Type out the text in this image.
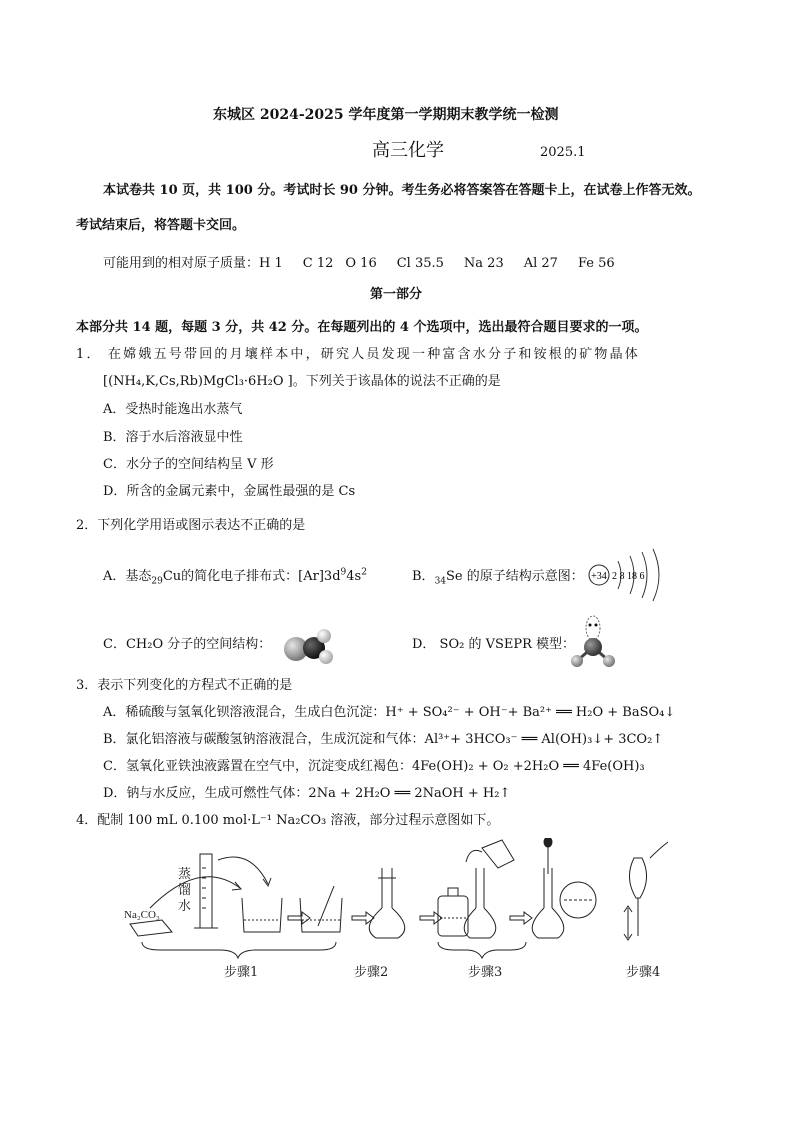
东城区 2024-2025 学年度第一学期期末教学统一检测
高三化学	2025.1
本试卷共 10 页，共 100 分。考试时长 90 分钟。考生务必将答案答在答题卡上，在试卷上作答无效。
考试结束后，将答题卡交回。
可能用到的相对原子质量：H 1 C 12 O 16 Cl 35.5 Na 23 Al 27 Fe 56
第一部分
本部分共 14 题，每题 3 分，共 42 分。在每题列出的 4 个选项中，选出最符合题目要求的一项。
1． 在嫦娥五号带回的月壤样本中，研究人员发现一种富含水分子和铵根的矿物晶体
[(NH₄,K,Cs,Rb)MgCl₃·6H₂O ]。下列关于该晶体的说法不正确的是
A．受热时能逸出水蒸气
B．溶于水后溶液显中性
C．水分子的空间结构呈 V 形
D．所含的金属元素中，金属性最强的是 Cs
2．下列化学用语或图示表达不正确的是
A．基态$_{29}$Cu的简化电子排布式：$[Ar]3d^94s^2$	B．$_{34}$Se 的原子结构示意图： +34 2 8 18 6
C．CH₂O 分子的空间结构：	D． SO₂ 的 VSEPR 模型：
3．表示下列变化的方程式不正确的是
A．稀硫酸与氢氧化钡溶液混合，生成白色沉淀：H⁺ + SO₄²⁻ + OH⁻+ Ba²⁺ ══ H₂O + BaSO₄↓
B．氯化铝溶液与碳酸氢钠溶液混合，生成沉淀和气体：Al³⁺+ 3HCO₃⁻ ══ Al(OH)₃↓+ 3CO₂↑
C．氢氧化亚铁浊液露置在空气中，沉淀变成红褐色：4Fe(OH)₂ + O₂ +2H₂O ══ 4Fe(OH)₃
D．钠与水反应，生成可燃性气体：2Na + 2H₂O ══ 2NaOH + H₂↑
4．配制 100 mL 0.100 mol·L⁻¹ Na₂CO₃ 溶液，部分过程示意图如下。
Na₂CO₃
蒸
馏
水
步骤1	步骤2	步骤3	步骤4
